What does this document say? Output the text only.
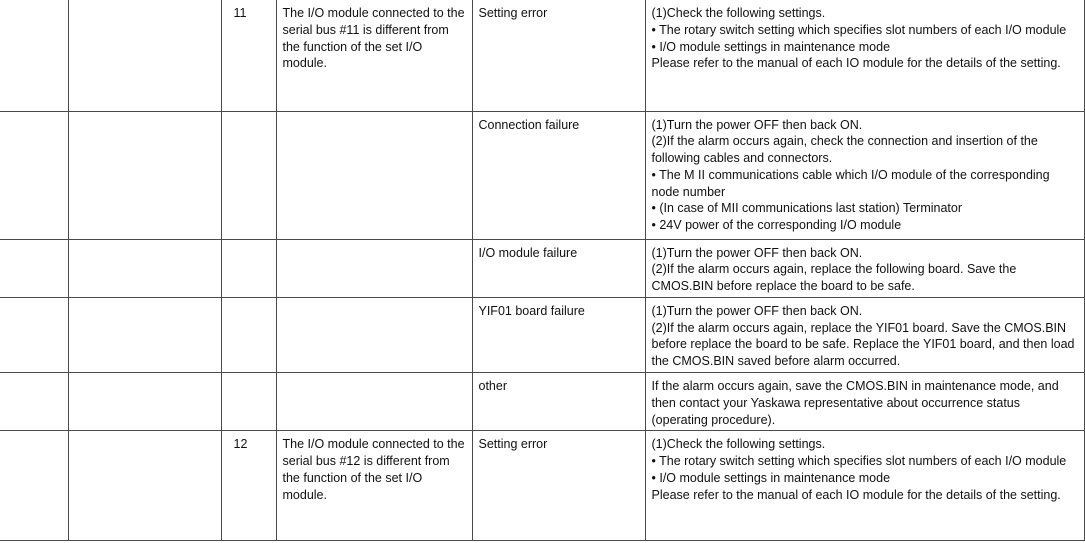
		11	The I/O module connected to the serial bus #11 is different from the function of the set I/O module.	Setting error	(1)Check the following settings.
• The rotary switch setting which specifies slot numbers of each I/O module
• I/O module settings in maintenance mode
Please refer to the manual of each IO module for the details of the setting.

				Connection failure	(1)Turn the power OFF then back ON.
(2)If the alarm occurs again, check the connection and insertion of the following cables and connectors.
• The M II communications cable which I/O module of the corresponding node number
• (In case of MII communications last station) Terminator
• 24V power of the corresponding I/O module

				I/O module failure	(1)Turn the power OFF then back ON.
(2)If the alarm occurs again, replace the following board. Save the CMOS.BIN before replace the board to be safe.

				YIF01 board failure	(1)Turn the power OFF then back ON.
(2)If the alarm occurs again, replace the YIF01 board. Save the CMOS.BIN before replace the board to be safe. Replace the YIF01 board, and then load the CMOS.BIN saved before alarm occurred.

				other	If the alarm occurs again, save the CMOS.BIN in maintenance mode, and then contact your Yaskawa representative about occurrence status (operating procedure).

		12	The I/O module connected to the serial bus #12 is different from the function of the set I/O module.	Setting error	(1)Check the following settings.
• The rotary switch setting which specifies slot numbers of each I/O module
• I/O module settings in maintenance mode
Please refer to the manual of each IO module for the details of the setting.
